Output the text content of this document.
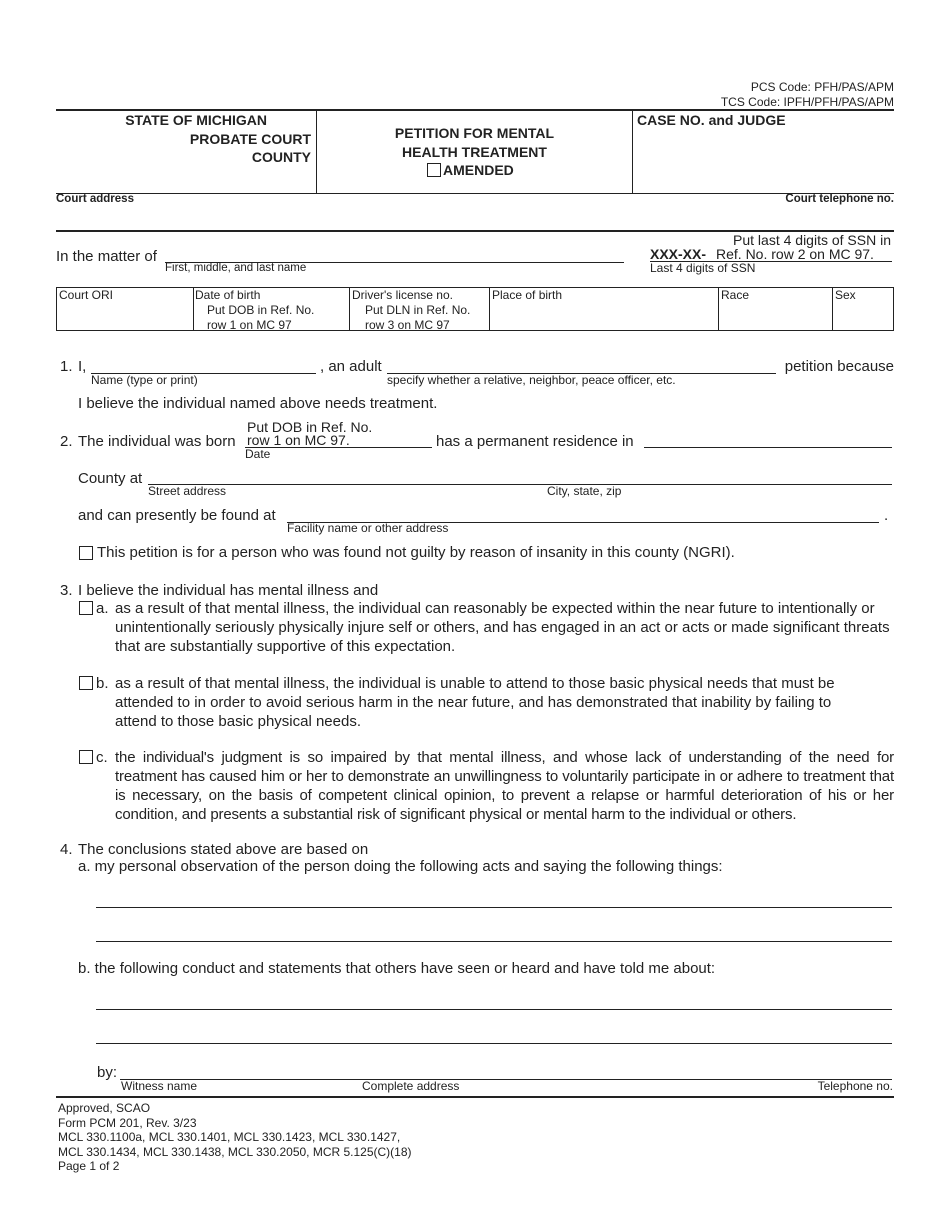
PCS Code: PFH/PAS/APM
TCS Code: IPFH/PFH/PAS/APM
STATE OF MICHIGAN
PROBATE COURT
COUNTY
PETITION FOR MENTAL
HEALTH TREATMENT
AMENDED
CASE NO. and JUDGE
Court address	Court telephone no.
In the matter of
First, middle, and last name
XXX-XX-
Put last 4 digits of SSN in
Ref. No. row 2 on MC 97.
Last 4 digits of SSN
Court ORI	Date of birth
Put DOB in Ref. No.
row 1 on MC 97
Driver's license no.
Put DLN in Ref. No.
row 3 on MC 97
Place of birth	Race	Sex
1. I,
Name (type or print)
, an adult
specify whether a relative, neighbor, peace officer, etc.
petition because
I believe the individual named above needs treatment.
2. The individual was born
Put DOB in Ref. No.
row 1 on MC 97.
Date
has a permanent residence in
County at
Street address	City, state, zip
and can presently be found at
Facility name or other address
.
This petition is for a person who was found not guilty by reason of insanity in this county (NGRI).
3. I believe the individual has mental illness and
a. as a result of that mental illness, the individual can reasonably be expected within the near future to intentionally or unintentionally seriously physically injure self or others, and has engaged in an act or acts or made significant threats that are substantially supportive of this expectation.
b. as a result of that mental illness, the individual is unable to attend to those basic physical needs that must be attended to in order to avoid serious harm in the near future, and has demonstrated that inability by failing to attend to those basic physical needs.
c. the individual's judgment is so impaired by that mental illness, and whose lack of understanding of the need for treatment has caused him or her to demonstrate an unwillingness to voluntarily participate in or adhere to treatment that is necessary, on the basis of competent clinical opinion, to prevent a relapse or harmful deterioration of his or her condition, and presents a substantial risk of significant physical or mental harm to the individual or others.
4. The conclusions stated above are based on
a. my personal observation of the person doing the following acts and saying the following things:
b. the following conduct and statements that others have seen or heard and have told me about:
by:
Witness name	Complete address	Telephone no.
Approved, SCAO
Form PCM 201, Rev. 3/23
MCL 330.1100a, MCL 330.1401, MCL 330.1423, MCL 330.1427,
MCL 330.1434, MCL 330.1438, MCL 330.2050, MCR 5.125(C)(18)
Page 1 of 2
